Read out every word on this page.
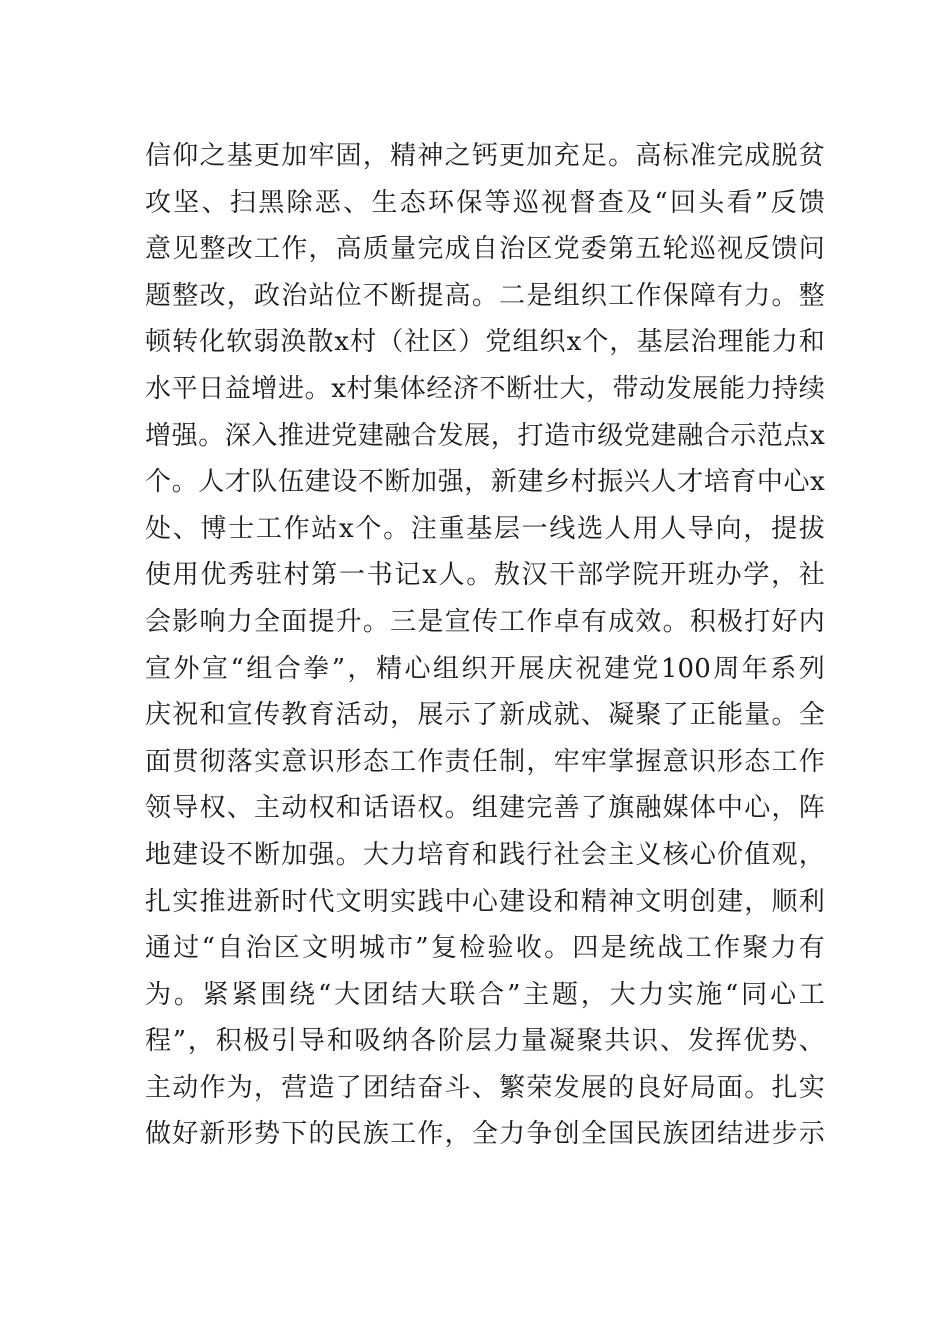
信仰之基更加牢固，精神之钙更加充足。高标准完成脱贫
攻坚、扫黑除恶、生态环保等巡视督查及“回头看”反馈
意见整改工作，高质量完成自治区党委第五轮巡视反馈问
题整改，政治站位不断提高。二是组织工作保障有力。整
顿转化软弱涣散x村（社区）党组织x个，基层治理能力和
水平日益增进。x村集体经济不断壮大，带动发展能力持续
增强。深入推进党建融合发展，打造市级党建融合示范点x
个。人才队伍建设不断加强，新建乡村振兴人才培育中心x
处、博士工作站x个。注重基层一线选人用人导向，提拔
使用优秀驻村第一书记x人。敖汉干部学院开班办学，社
会影响力全面提升。三是宣传工作卓有成效。积极打好内
宣外宣“组合拳”，精心组织开展庆祝建党100周年系列
庆祝和宣传教育活动，展示了新成就、凝聚了正能量。全
面贯彻落实意识形态工作责任制，牢牢掌握意识形态工作
领导权、主动权和话语权。组建完善了旗融媒体中心，阵
地建设不断加强。大力培育和践行社会主义核心价值观，
扎实推进新时代文明实践中心建设和精神文明创建，顺利
通过“自治区文明城市”复检验收。四是统战工作聚力有
为。紧紧围绕“大团结大联合”主题，大力实施“同心工
程”，积极引导和吸纳各阶层力量凝聚共识、发挥优势、
主动作为，营造了团结奋斗、繁荣发展的良好局面。扎实
做好新形势下的民族工作，全力争创全国民族团结进步示
